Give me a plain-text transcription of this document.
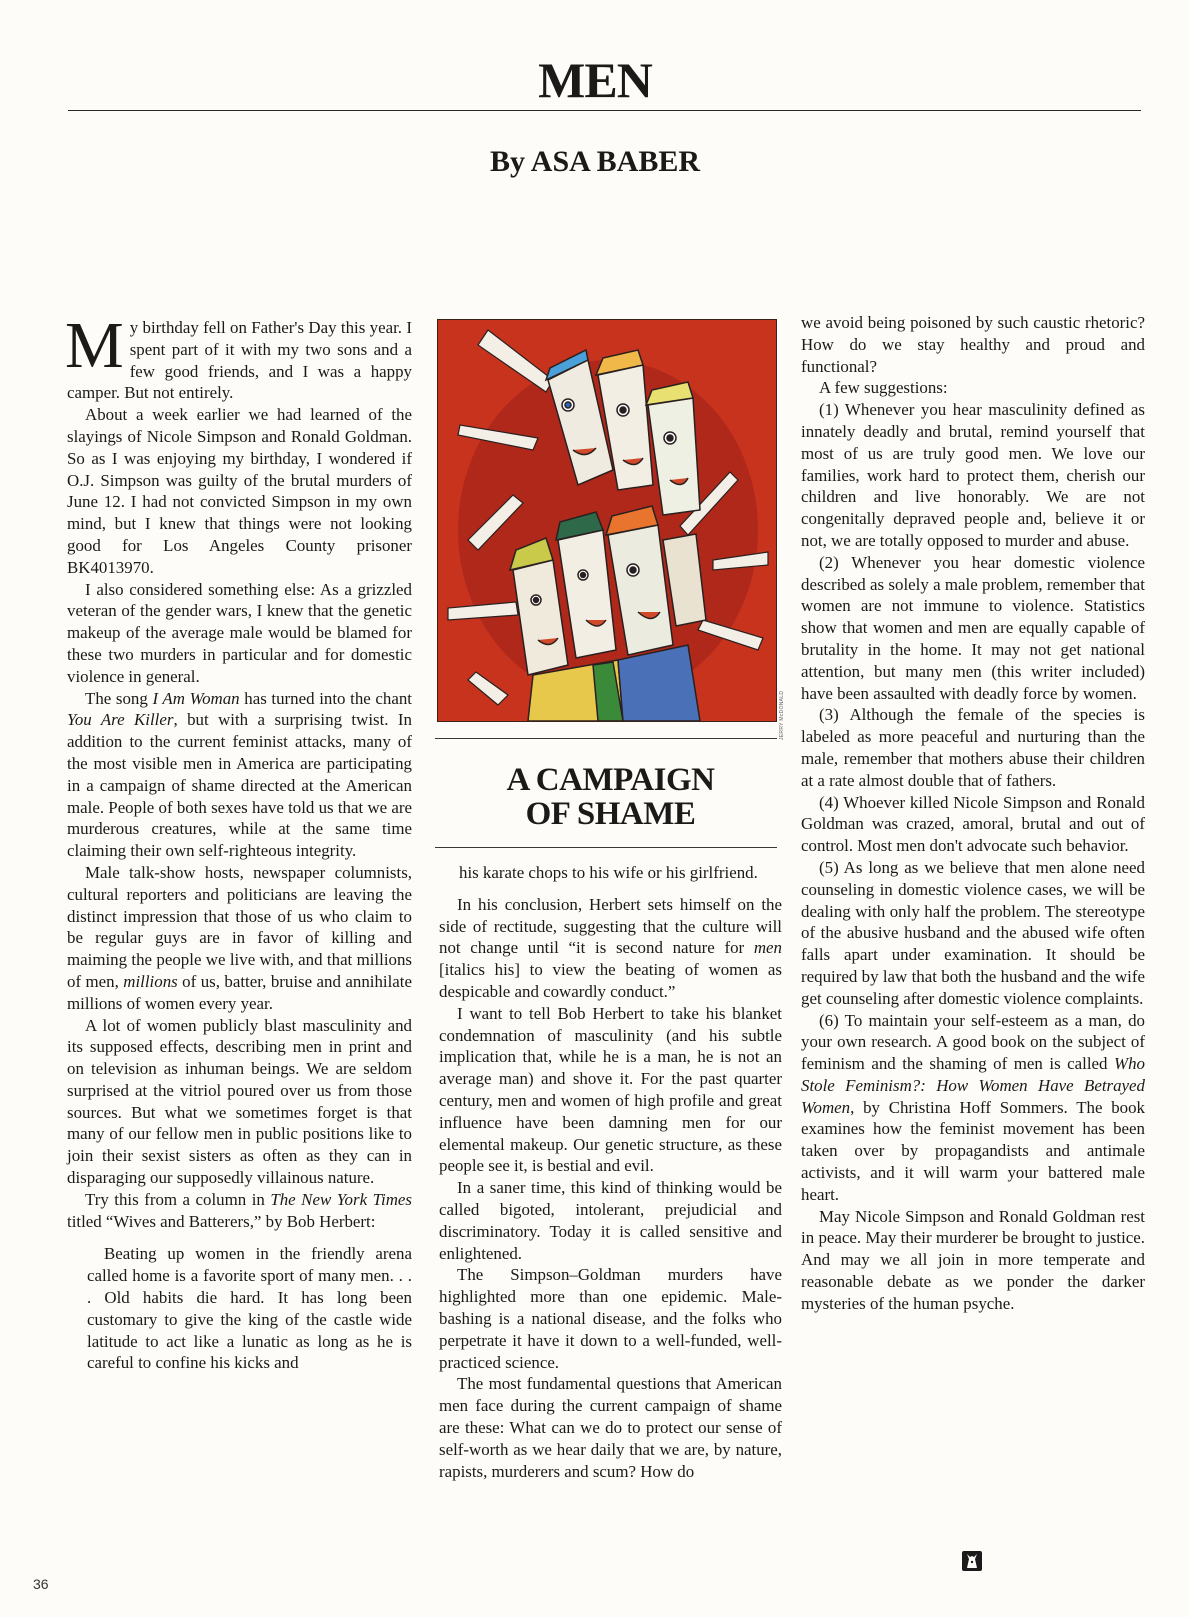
MEN
By ASA BABER

My birthday fell on Father's Day this year. I spent part of it with my two sons and a few good friends, and I was a happy camper. But not entirely.

About a week earlier we had learned of the slayings of Nicole Simpson and Ronald Goldman. So as I was enjoying my birthday, I wondered if O.J. Simpson was guilty of the brutal murders of June 12. I had not convicted Simpson in my own mind, but I knew that things were not looking good for Los Angeles County prisoner BK4013970.

I also considered something else: As a grizzled veteran of the gender wars, I knew that the genetic makeup of the average male would be blamed for these two murders in particular and for domestic violence in general.

The song I Am Woman has turned into the chant You Are Killer, but with a surprising twist. In addition to the current feminist attacks, many of the most visible men in America are participating in a campaign of shame directed at the American male. People of both sexes have told us that we are murderous creatures, while at the same time claiming their own self-righteous integrity.

Male talk-show hosts, newspaper columnists, cultural reporters and politicians are leaving the distinct impression that those of us who claim to be regular guys are in favor of killing and maiming the people we live with, and that millions of men, millions of us, batter, bruise and annihilate millions of women every year.

A lot of women publicly blast masculinity and its supposed effects, describing men in print and on television as inhuman beings. We are seldom surprised at the vitriol poured over us from those sources. But what we sometimes forget is that many of our fellow men in public positions like to join their sexist sisters as often as they can in disparaging our supposedly villainous nature.

Try this from a column in The New York Times titled “Wives and Batterers,” by Bob Herbert:

Beating up women in the friendly arena called home is a favorite sport of many men. . . . Old habits die hard. It has long been customary to give the king of the castle wide latitude to act like a lunatic as long as he is careful to confine his kicks and

JERRY McDONALD
A CAMPAIGN
OF SHAME

his karate chops to his wife or his girlfriend.

In his conclusion, Herbert sets himself on the side of rectitude, suggesting that the culture will not change until “it is second nature for men [italics his] to view the beating of women as despicable and cowardly conduct.”

I want to tell Bob Herbert to take his blanket condemnation of masculinity (and his subtle implication that, while he is a man, he is not an average man) and shove it. For the past quarter century, men and women of high profile and great influence have been damning men for our elemental makeup. Our genetic structure, as these people see it, is bestial and evil.

In a saner time, this kind of thinking would be called bigoted, intolerant, prejudicial and discriminatory. Today it is called sensitive and enlightened.

The Simpson–Goldman murders have highlighted more than one epidemic. Male-bashing is a national disease, and the folks who perpetrate it have it down to a well-funded, well-practiced science.

The most fundamental questions that American men face during the current campaign of shame are these: What can we do to protect our sense of self-worth as we hear daily that we are, by nature, rapists, murderers and scum? How do

we avoid being poisoned by such caustic rhetoric? How do we stay healthy and proud and functional?

A few suggestions:

(1) Whenever you hear masculinity defined as innately deadly and brutal, remind yourself that most of us are truly good men. We love our families, work hard to protect them, cherish our children and live honorably. We are not congenitally depraved people and, believe it or not, we are totally opposed to murder and abuse.

(2) Whenever you hear domestic violence described as solely a male problem, remember that women are not immune to violence. Statistics show that women and men are equally capable of brutality in the home. It may not get national attention, but many men (this writer included) have been assaulted with deadly force by women.

(3) Although the female of the species is labeled as more peaceful and nurturing than the male, remember that mothers abuse their children at a rate almost double that of fathers.

(4) Whoever killed Nicole Simpson and Ronald Goldman was crazed, amoral, brutal and out of control. Most men don't advocate such behavior.

(5) As long as we believe that men alone need counseling in domestic violence cases, we will be dealing with only half the problem. The stereotype of the abusive husband and the abused wife often falls apart under examination. It should be required by law that both the husband and the wife get counseling after domestic violence complaints.

(6) To maintain your self-esteem as a man, do your own research. A good book on the subject of feminism and the shaming of men is called Who Stole Feminism?: How Women Have Betrayed Women, by Christina Hoff Sommers. The book examines how the feminist movement has been taken over by propagandists and antimale activists, and it will warm your battered male heart.

May Nicole Simpson and Ronald Goldman rest in peace. May their murderer be brought to justice. And may we all join in more temperate and reasonable debate as we ponder the darker mysteries of the human psyche.

36
